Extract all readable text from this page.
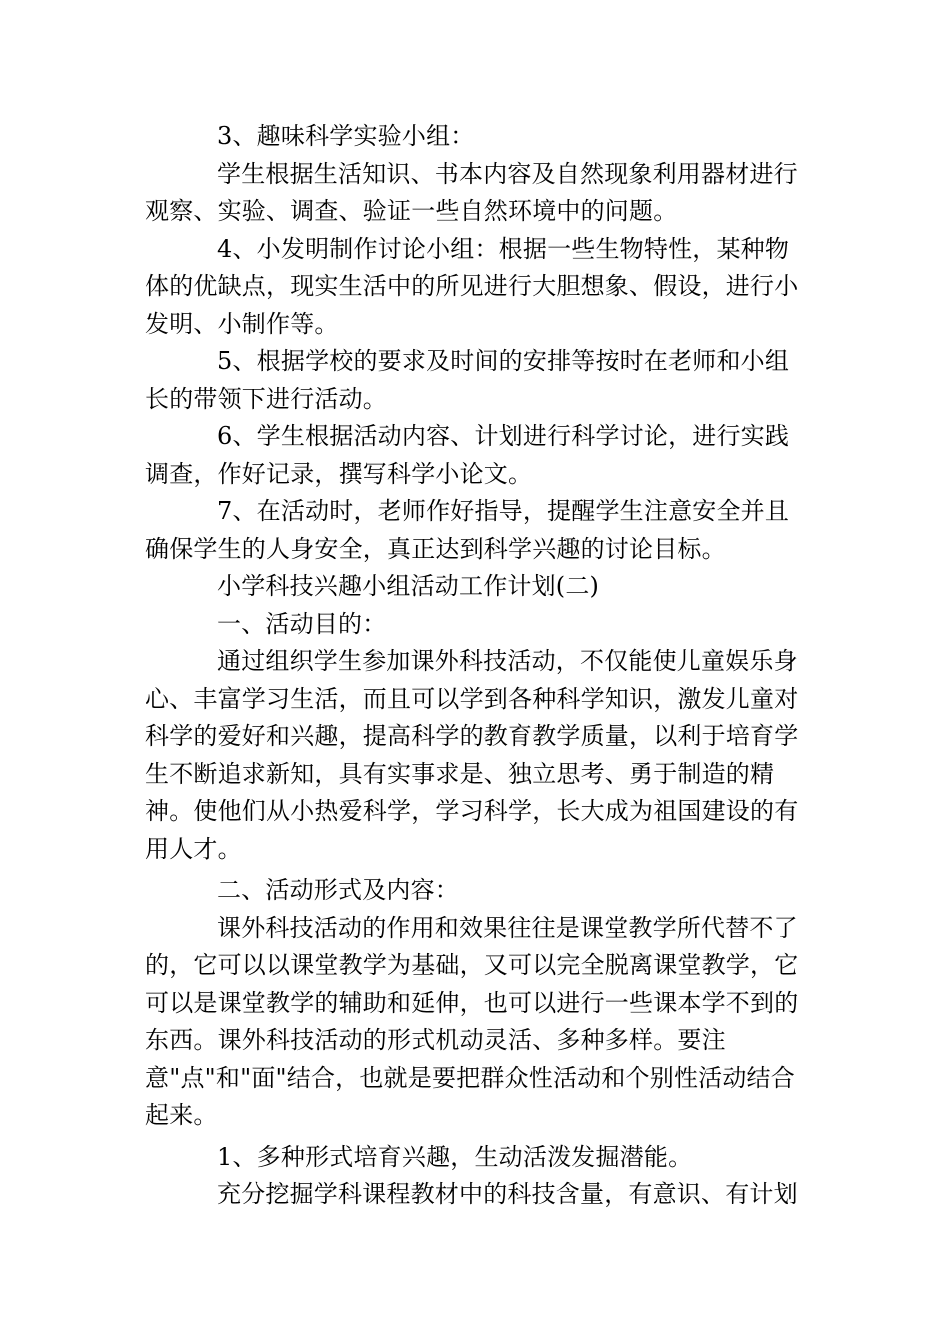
3、趣味科学实验小组：

学生根据生活知识、书本内容及自然现象利用器材进行观察、实验、调查、验证一些自然环境中的问题。

4、小发明制作讨论小组：根据一些生物特性，某种物体的优缺点，现实生活中的所见进行大胆想象、假设，进行小发明、小制作等。

5、根据学校的要求及时间的安排等按时在老师和小组长的带领下进行活动。

6、学生根据活动内容、计划进行科学讨论，进行实践调查，作好记录，撰写科学小论文。

7、在活动时，老师作好指导，提醒学生注意安全并且确保学生的人身安全，真正达到科学兴趣的讨论目标。

小学科技兴趣小组活动工作计划(二)

一、活动目的：

通过组织学生参加课外科技活动，不仅能使儿童娱乐身心、丰富学习生活，而且可以学到各种科学知识，激发儿童对科学的爱好和兴趣，提高科学的教育教学质量，以利于培育学生不断追求新知，具有实事求是、独立思考、勇于制造的精神。使他们从小热爱科学，学习科学，长大成为祖国建设的有用人才。

二、活动形式及内容：

课外科技活动的作用和效果往往是课堂教学所代替不了的，它可以以课堂教学为基础，又可以完全脱离课堂教学，它可以是课堂教学的辅助和延伸，也可以进行一些课本学不到的东西。课外科技活动的形式机动灵活、多种多样。要注意"点"和"面"结合，也就是要把群众性活动和个别性活动结合起来。

1、多种形式培育兴趣，生动活泼发掘潜能。

充分挖掘学科课程教材中的科技含量，有意识、有计划
